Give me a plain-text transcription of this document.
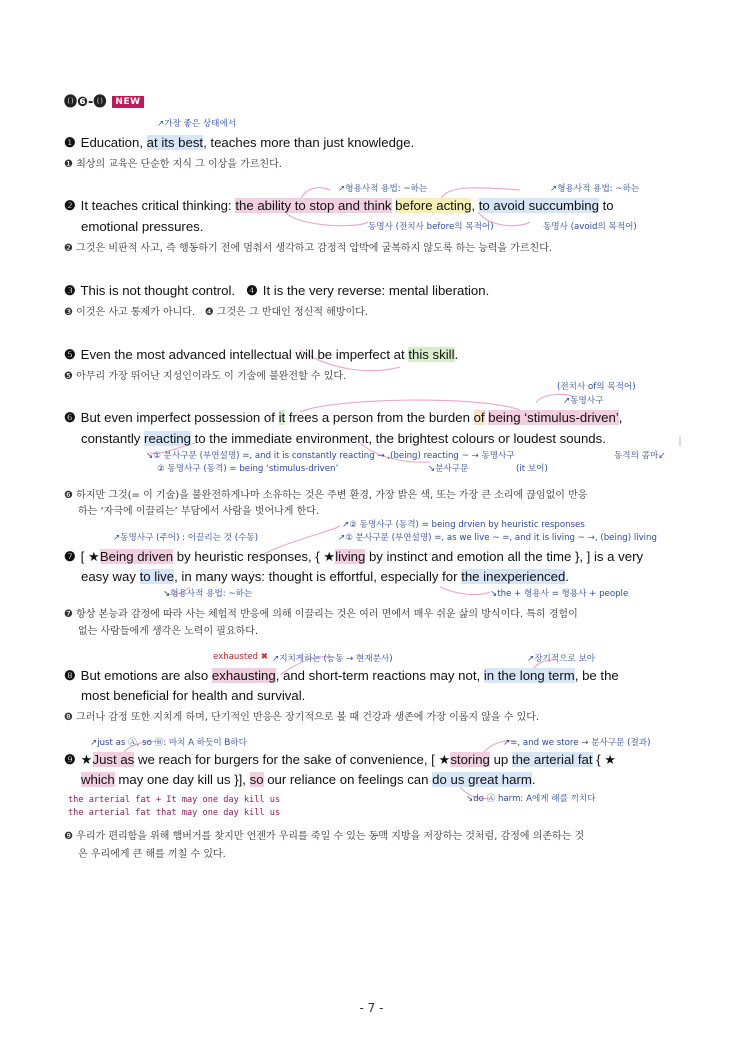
⓿❻-⓿ NEW
↗가장 좋은 상태에서
❶ Education, at its best, teaches more than just knowledge.
❶ 최상의 교육은 단순한 지식 그 이상을 가르친다.
↗형용사적 용법: ~하는	↗형용사적 용법: ~하는
❷ It teaches critical thinking: the ability to stop and think before acting, to avoid succumbing to
emotional pressures.	동명사 (전치사 before의 목적어)	동명사 (avoid의 목적어)
❷ 그것은 비판적 사고, 즉 행동하기 전에 멈춰서 생각하고 감정적 압박에 굴복하지 않도록 하는 능력을 가르친다.
❸ This is not thought control. ❹ It is the very reverse: mental liberation.
❸ 이것은 사고 통제가 아니다. ❹ 그것은 그 반대인 정신적 해방이다.
❺ Even the most advanced intellectual will be imperfect at this skill.
❺ 아무리 가장 뛰어난 지성인이라도 이 기술에 불완전할 수 있다.
(전치사 of의 목적어)
↗동명사구
❻ But even imperfect possession of it frees a person from the burden of being ‘stimulus-driven’,
constantly reacting to the immediate environment, the brightest colours or loudest sounds.
↘① 분사구문 (부연설명) =, and it is constantly reacting → ,(being) reacting ~ → 동명사구
② 동명사구 (동격) = being ‘stimulus-driven’	↘분사구문	(it 보어)
동격의 콤마↙
❻ 하지만 그것(= 이 기술)을 불완전하게나마 소유하는 것은 주변 환경, 가장 밝은 색, 또는 가장 큰 소리에 끊임없이 반응
하는 ‘자극에 이끌리는’ 부담에서 사람을 벗어나게 한다.
↗② 동명사구 (동격) = being drvien by heuristic responses
↗동명사구 (주어) : 이끌리는 것 (수동)	↗① 분사구문 (부연설명) =, as we live ~ =, and it is living ~ →, (being) living
❼ [ ★Being driven by heuristic responses, { ★living by instinct and emotion all the time }, ] is a very
easy way to live, in many ways: thought is effortful, especially for the inexperienced.
↘형용사적 용법: ~하는	↘the + 형용사 = 형용사 + people
❼ 항상 본능과 감정에 따라 사는 체험적 반응에 의해 이끌리는 것은 여러 면에서 매우 쉬운 삶의 방식이다. 특히 경험이
없는 사람들에게 생각은 노력이 필요하다.
exhausted ✖ ↗지치게하는 (능동 → 현재분사)	↗장기적으로 보아
❽ But emotions are also exhausting, and short-term reactions may not, in the long term, be the
most beneficial for health and survival.
❽ 그러나 감정 또한 지치게 하며, 단기적인 반응은 장기적으로 볼 때 건강과 생존에 가장 이롭지 않을 수 있다.
↗just as Ⓐ, so Ⓑ: 마치 A 하듯이 B하다	↗=, and we store → 분사구문 (결과)
❾ ★Just as we reach for burgers for the sake of convenience, [ ★storing up the arterial fat { ★
which may one day kill us }], so our reliance on feelings can do us great harm.
↘do Ⓐ harm: A에게 해를 끼치다
the arterial fat + It may one day kill us
the arterial fat that may one day kill us
❾ 우리가 편리함을 위해 햄버거를 찾지만 언젠가 우리를 죽일 수 있는 동맥 지방을 저장하는 것처럼, 감정에 의존하는 것
은 우리에게 큰 해를 끼칠 수 있다.
- 7 -
